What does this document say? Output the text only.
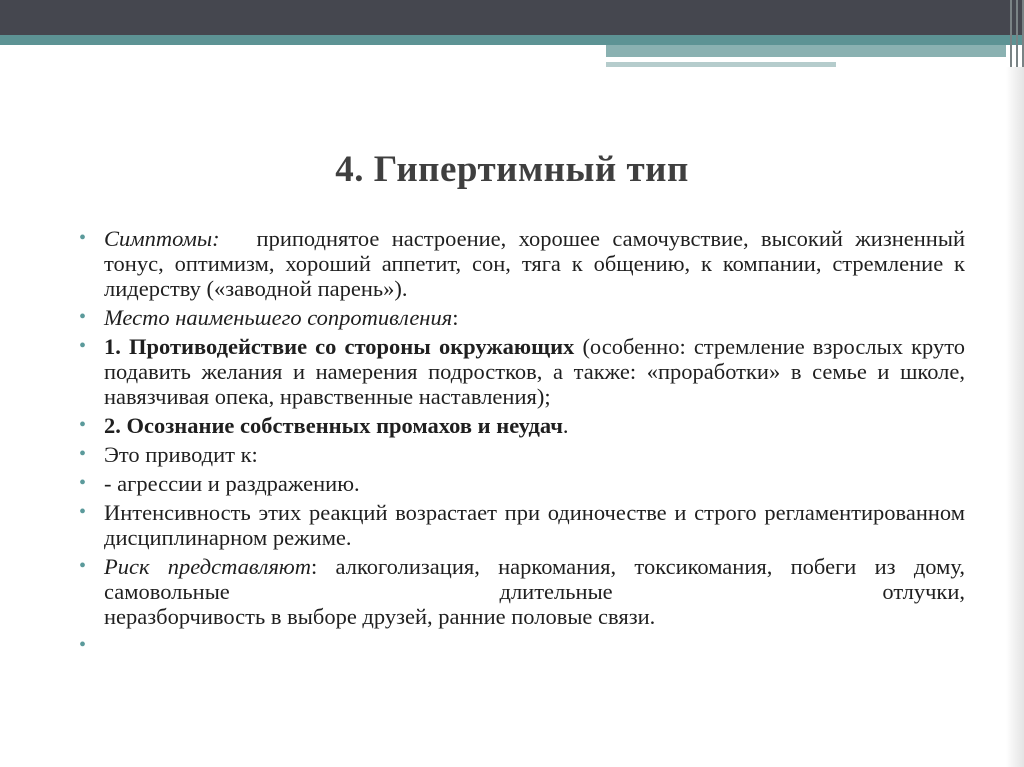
4. Гипертимный тип
• Симптомы:   приподнятое настроение, хорошее самочувствие, высокий жизненный тонус, оптимизм, хороший аппетит, сон, тяга к общению, к компании, стремление к лидерству («заводной парень»).
• Место наименьшего сопротивления:
• 1. Противодействие со стороны окружающих (особенно: стремление взрослых круто подавить желания и намерения подростков, а также: «проработки» в семье и школе, навязчивая опека, нравственные наставления);
• 2. Осознание собственных промахов и неудач.
• Это приводит к:
• - агрессии и раздражению.
• Интенсивность этих реакций возрастает при одиночестве и строго регламентированном дисциплинарном режиме.
• Риск представляют: алкоголизация, наркомания, токсикомания, побеги из дому, самовольные длительные отлучки,
неразборчивость в выборе друзей, ранние половые связи.
•
